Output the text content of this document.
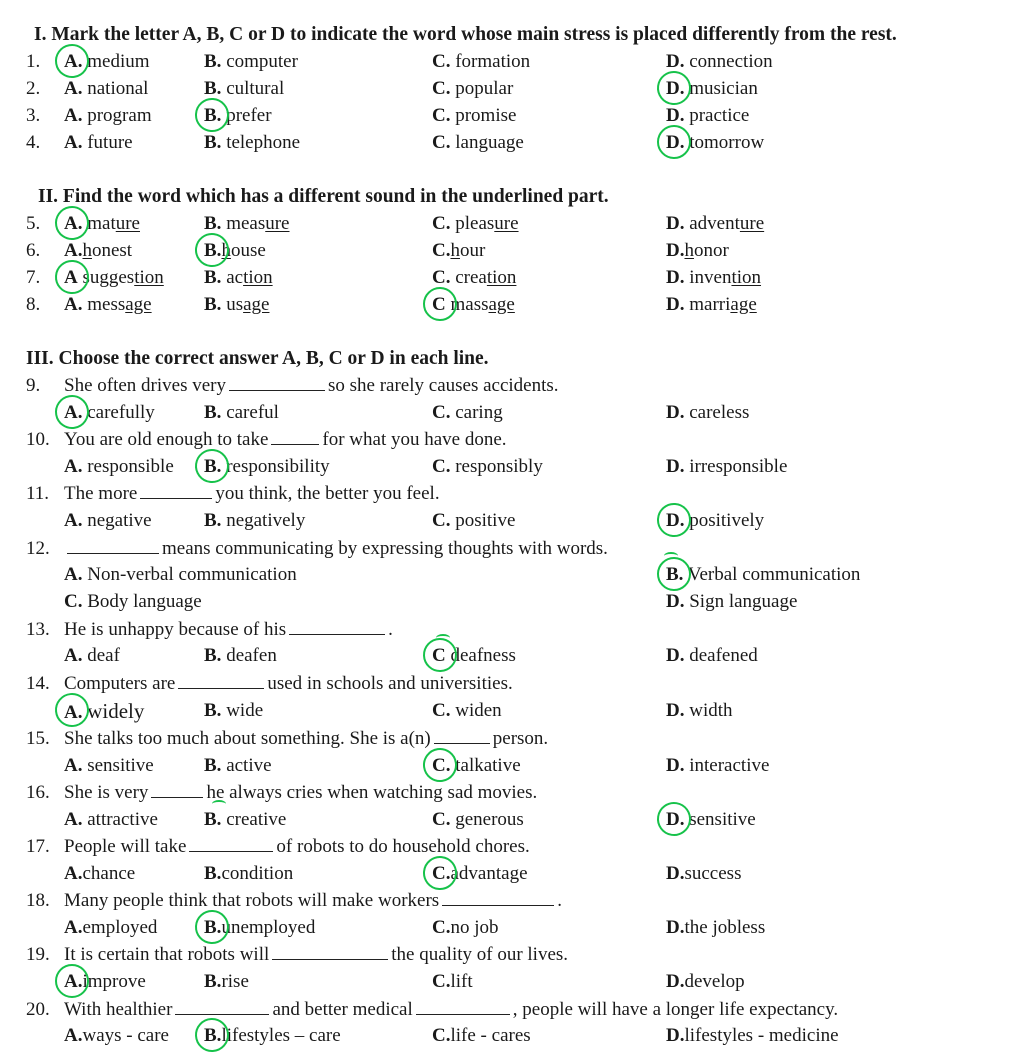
I. Mark the letter A, B, C or D to indicate the word whose main stress is placed differently from the rest.
1.	A. medium	B. computer	C. formation	D. connection
2.	A. national	B. cultural	C. popular	D. musician
3.	A. program	B. prefer	C. promise	D. practice
4.	A. future	B. telephone	C. language	D. tomorrow
II. Find the word which has a different sound in the underlined part.
5.	A. mature	B. measure	C. pleasure	D. adventure
6.	A.honest	B.house	C.hour	D.honor
7.	A suggestion B. action	C. creation	D. invention
8.	A. message	B. usage	C massage	D. marriage
III. Choose the correct answer A, B, C or D in each line.
9.	She often drives very	so she rarely causes accidents.
A. carefully	B. careful	C. caring	D. careless
10. You are old enough to take	for what you have done.
A. responsible B. responsibility	C. responsibly	D. irresponsible
11. The more	you think, the better you feel.
A. negative	B. negatively	C. positive	D. positively
12.	means communicating by expressing thoughts with words.
A. Non-verbal communication	B. Verbal communication
C. Body language	D. Sign language
13. He is unhappy because of his	.
A. deaf	B. deafen	C deafness	D. deafened
14. Computers are	used in schools and universities.
A. widely	B. wide	C. widen	D. width
15. She talks too much about something. She is a(n)	person.
A. sensitive	B. active	C. talkative	D. interactive
16. She is very	he always cries when watching sad movies.
A. attractive B. creative	C. generous	D. sensitive
17. People will take	of robots to do household chores.
A.chance	B.condition	C.advantage	D.success
18. Many people think that robots will make workers	.
A.employed B.unemployed	C.no job	D.the jobless
19. It is certain that robots will	the quality of our lives.
A.improve	B.rise	C.lift	D.develop
20. With healthier	and better medical	, people will have a longer life expectancy.
A.ways - care B.lifestyles – care	C.life - cares	D.lifestyles - medicine
